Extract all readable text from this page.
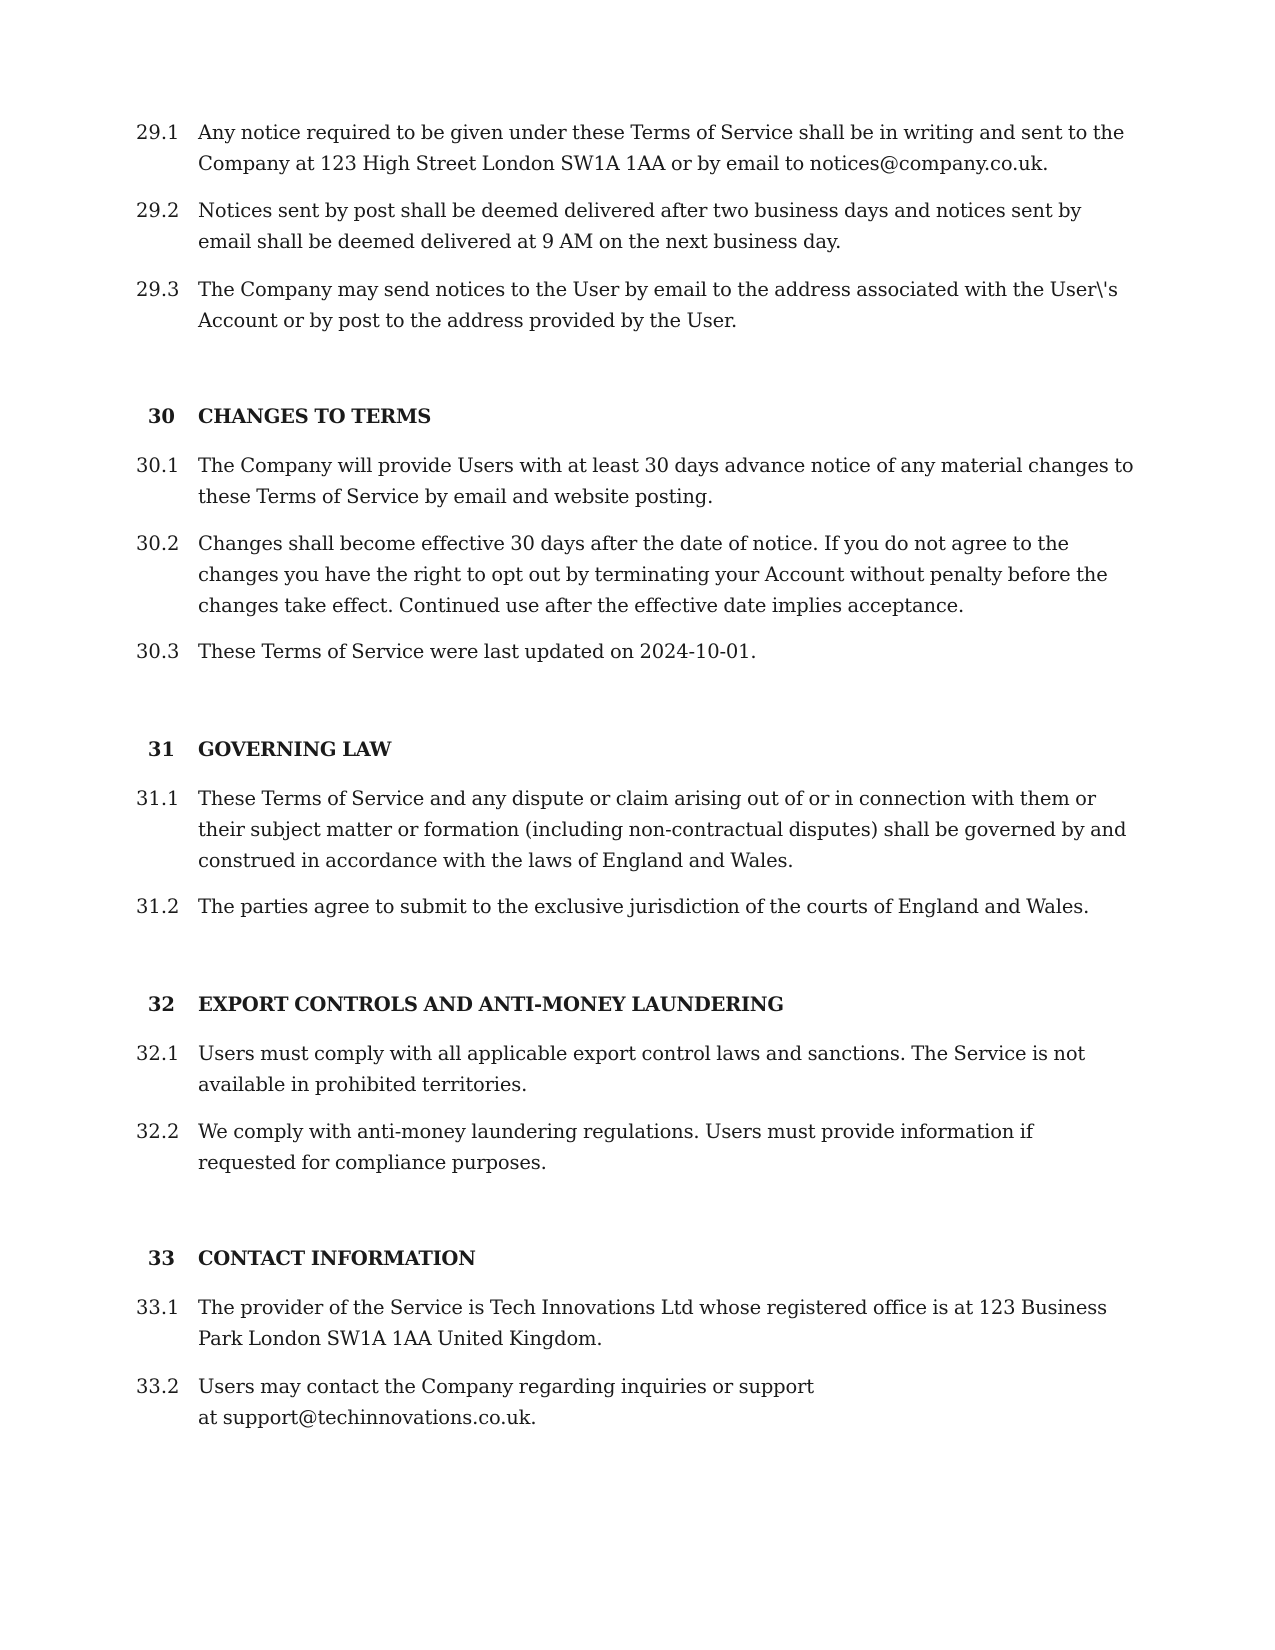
29.1 Any notice required to be given under these Terms of Service shall be in writing and sent to the Company at 123 High Street London SW1A 1AA or by email to notices@company.co.uk.
29.2 Notices sent by post shall be deemed delivered after two business days and notices sent by email shall be deemed delivered at 9 AM on the next business day.
29.3 The Company may send notices to the User by email to the address associated with the User\'s Account or by post to the address provided by the User.
30	CHANGES TO TERMS
30.1 The Company will provide Users with at least 30 days advance notice of any material changes to these Terms of Service by email and website posting.
30.2 Changes shall become effective 30 days after the date of notice. If you do not agree to the changes you have the right to opt out by terminating your Account without penalty before the changes take effect. Continued use after the effective date implies acceptance.
30.3 These Terms of Service were last updated on 2024-10-01.
31	GOVERNING LAW
31.1 These Terms of Service and any dispute or claim arising out of or in connection with them or their subject matter or formation (including non-contractual disputes) shall be governed by and construed in accordance with the laws of England and Wales.
31.2 The parties agree to submit to the exclusive jurisdiction of the courts of England and Wales.
32	EXPORT CONTROLS AND ANTI-MONEY LAUNDERING
32.1 Users must comply with all applicable export control laws and sanctions. The Service is not available in prohibited territories.
32.2 We comply with anti-money laundering regulations. Users must provide information if requested for compliance purposes.
33	CONTACT INFORMATION
33.1 The provider of the Service is Tech Innovations Ltd whose registered office is at 123 Business Park London SW1A 1AA United Kingdom.
33.2 Users may contact the Company regarding inquiries or support at support@techinnovations.co.uk.
